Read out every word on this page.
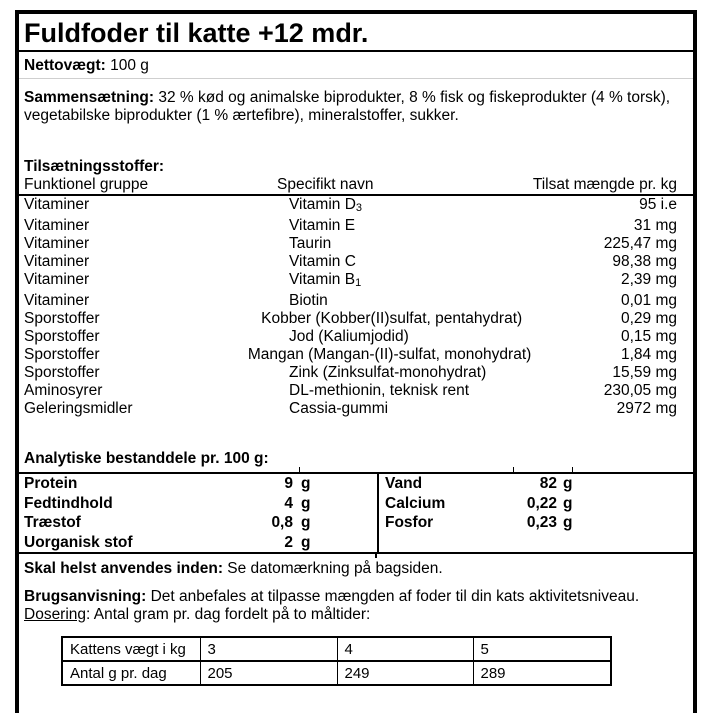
Fuldfoder til katte +12 mdr.
Nettovægt: 100 g
Sammensætning: 32 % kød og animalske biprodukter, 8 % fisk og fiskeprodukter (4 % torsk), vegetabilske biprodukter (1 % ærtefibre), mineralstoffer, sukker.
Tilsætningsstoffer:
Funktionel gruppe	Specifikt navn	Tilsat mængde pr. kg
Vitaminer	Vitamin $D_3$	95 i.e
Vitaminer	Vitamin E	31 mg
Vitaminer	Taurin	225,47 mg
Vitaminer	Vitamin C	98,38 mg
Vitaminer	Vitamin $B_1$	2,39 mg
Vitaminer	Biotin	0,01 mg
Sporstoffer	Kobber (Kobber(II)sulfat, pentahydrat)	0,29 mg
Sporstoffer	Jod (Kaliumjodid)	0,15 mg
Sporstoffer	Mangan (Mangan-(II)-sulfat, monohydrat)	1,84 mg
Sporstoffer	Zink (Zinksulfat-monohydrat)	15,59 mg
Aminosyrer	DL-methionin, teknisk rent	230,05 mg
Geleringsmidler	Cassia-gummi	2972 mg
Analytiske bestanddele pr. 100 g:
Protein	9 g
Fedtindhold	4 g
Træstof	0,8 g
Uorganisk stof	2 g
Vand	82 g
Calcium	0,22 g
Fosfor	0,23 g
Skal helst anvendes inden: Se datomærkning på bagsiden.
Brugsanvisning: Det anbefales at tilpasse mængden af foder til din kats aktivitetsniveau.
Dosering: Antal gram pr. dag fordelt på to måltider:
Kattens vægt i kg	3	4	5
Antal g pr. dag	205	249	289
